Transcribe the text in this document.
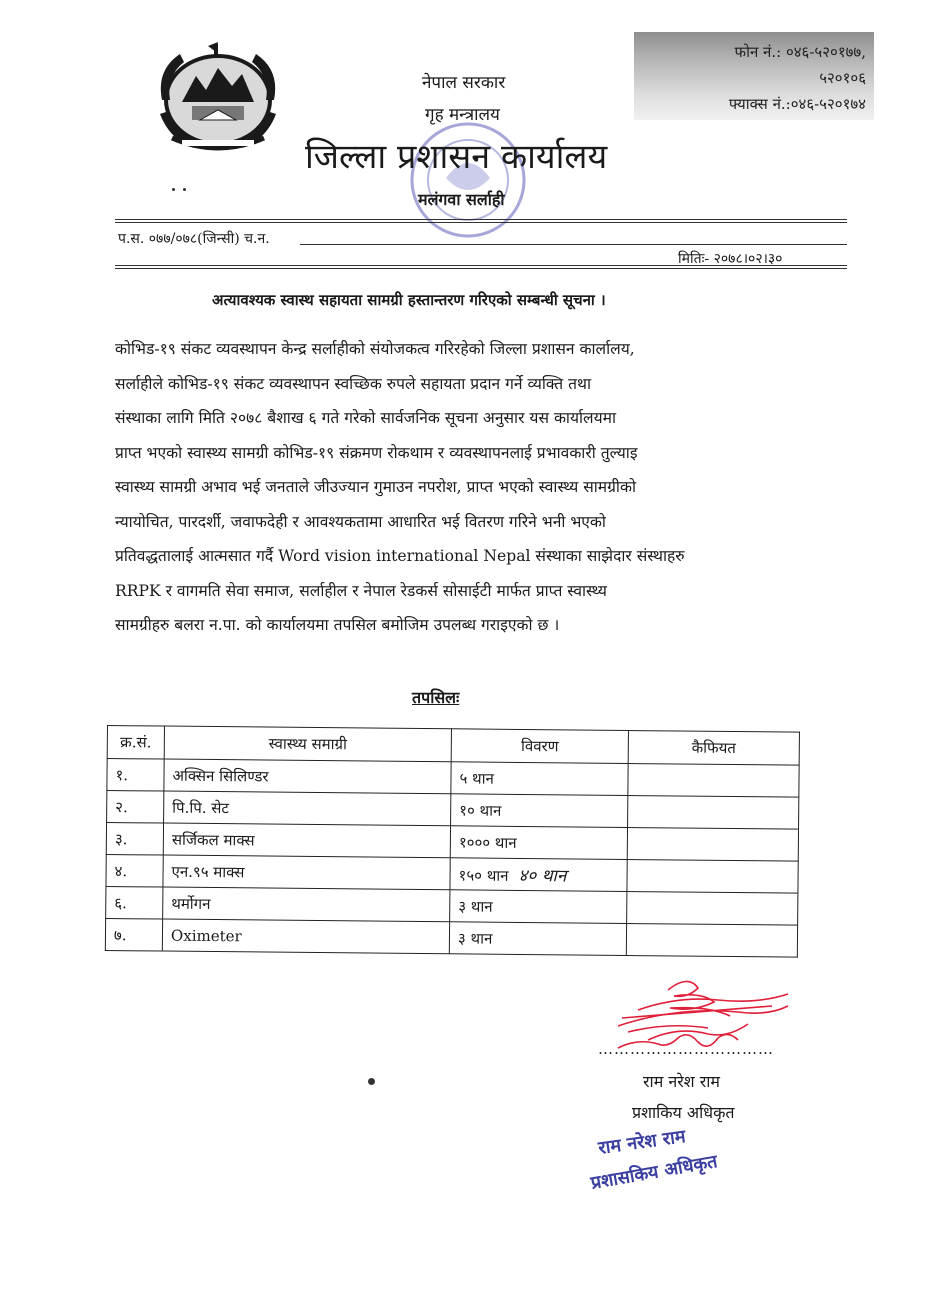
फोन नं.: ०४६-५२०१७७,
५२०१०६
फ्याक्स नं.:०४६-५२०१७४
नेपाल सरकार
गृह मन्त्रालय
जिल्ला प्रशासन कार्यालय
मलंगवा सर्लाही
प.स. ०७७/०७८(जिन्सी) च.न.
मितिः- २०७८।०२।३०
अत्यावश्यक स्वास्थ सहायता सामग्री हस्तान्तरण गरिएको सम्बन्धी सूचना ।
कोभिड-१९ संकट व्यवस्थापन केन्द्र सर्लाहीको संयोजकत्व गरिरहेको जिल्ला प्रशासन कार्लालय,
सर्लाहीले कोभिड-१९ संकट व्यवस्थापन स्वच्छिक रुपले सहायता प्रदान गर्ने व्यक्ति तथा
संस्थाका लागि मिति २०७८ बैशाख ६ गते गरेको सार्वजनिक सूचना अनुसार यस कार्यालयमा
प्राप्त भएको स्वास्थ्य सामग्री कोभिड-१९ संक्रमण रोकथाम र व्यवस्थापनलाई प्रभावकारी तुल्याइ
स्वास्थ्य सामग्री अभाव भई जनताले जीउज्यान गुमाउन नपरोश, प्राप्त भएको स्वास्थ्य सामग्रीको
न्यायोचित, पारदर्शी, जवाफदेही र आवश्यकतामा आधारित भई वितरण गरिने भनी भएको
प्रतिवद्धतालाई आत्मसात गर्दै Word vision international Nepal संस्थाका साझेदार संस्थाहरु
RRPK र वागमति सेवा समाज, सर्लाहील र नेपाल रेडकर्स सोसाईटी मार्फत प्राप्त स्वास्थ्य
सामग्रीहरु बलरा न.पा. को कार्यालयमा तपसिल बमोजिम उपलब्ध गराइएको छ ।
तपसिलः
क्र.सं.	स्वास्थ्य समाग्री	विवरण	कैफियत
१.	अक्सिन सिलिण्डर	५ थान	
२.	पि.पि. सेट	१० थान	
३.	सर्जिकल माक्स	१००० थान	
४.	एन.९५ माक्स	१५० थान ४० थान	
६.	थर्मोगन	३ थान	
७.	Oximeter	३ थान	
……………………………
राम नरेश राम
प्रशाकिय अधिकृत
राम नरेश राम
प्रशासकिय अधिकृत
